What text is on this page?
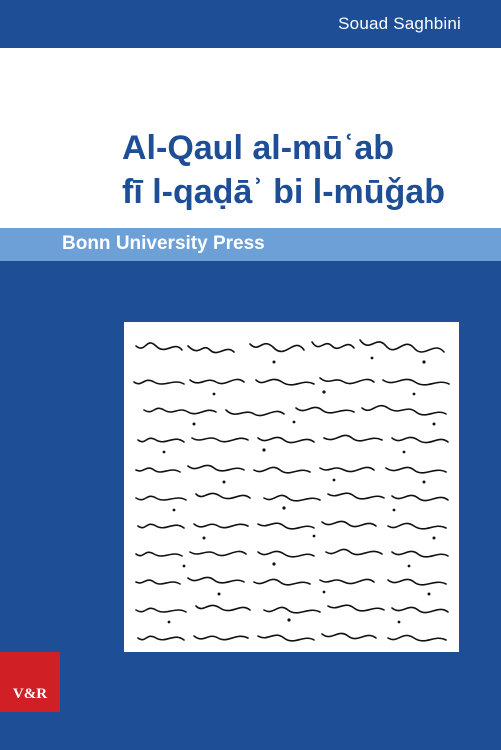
Souad Saghbini
Al-Qaul al-mūʿab
fī l-qaḍāʾ bi l-mūǧab
Bonn University Press
V&R
